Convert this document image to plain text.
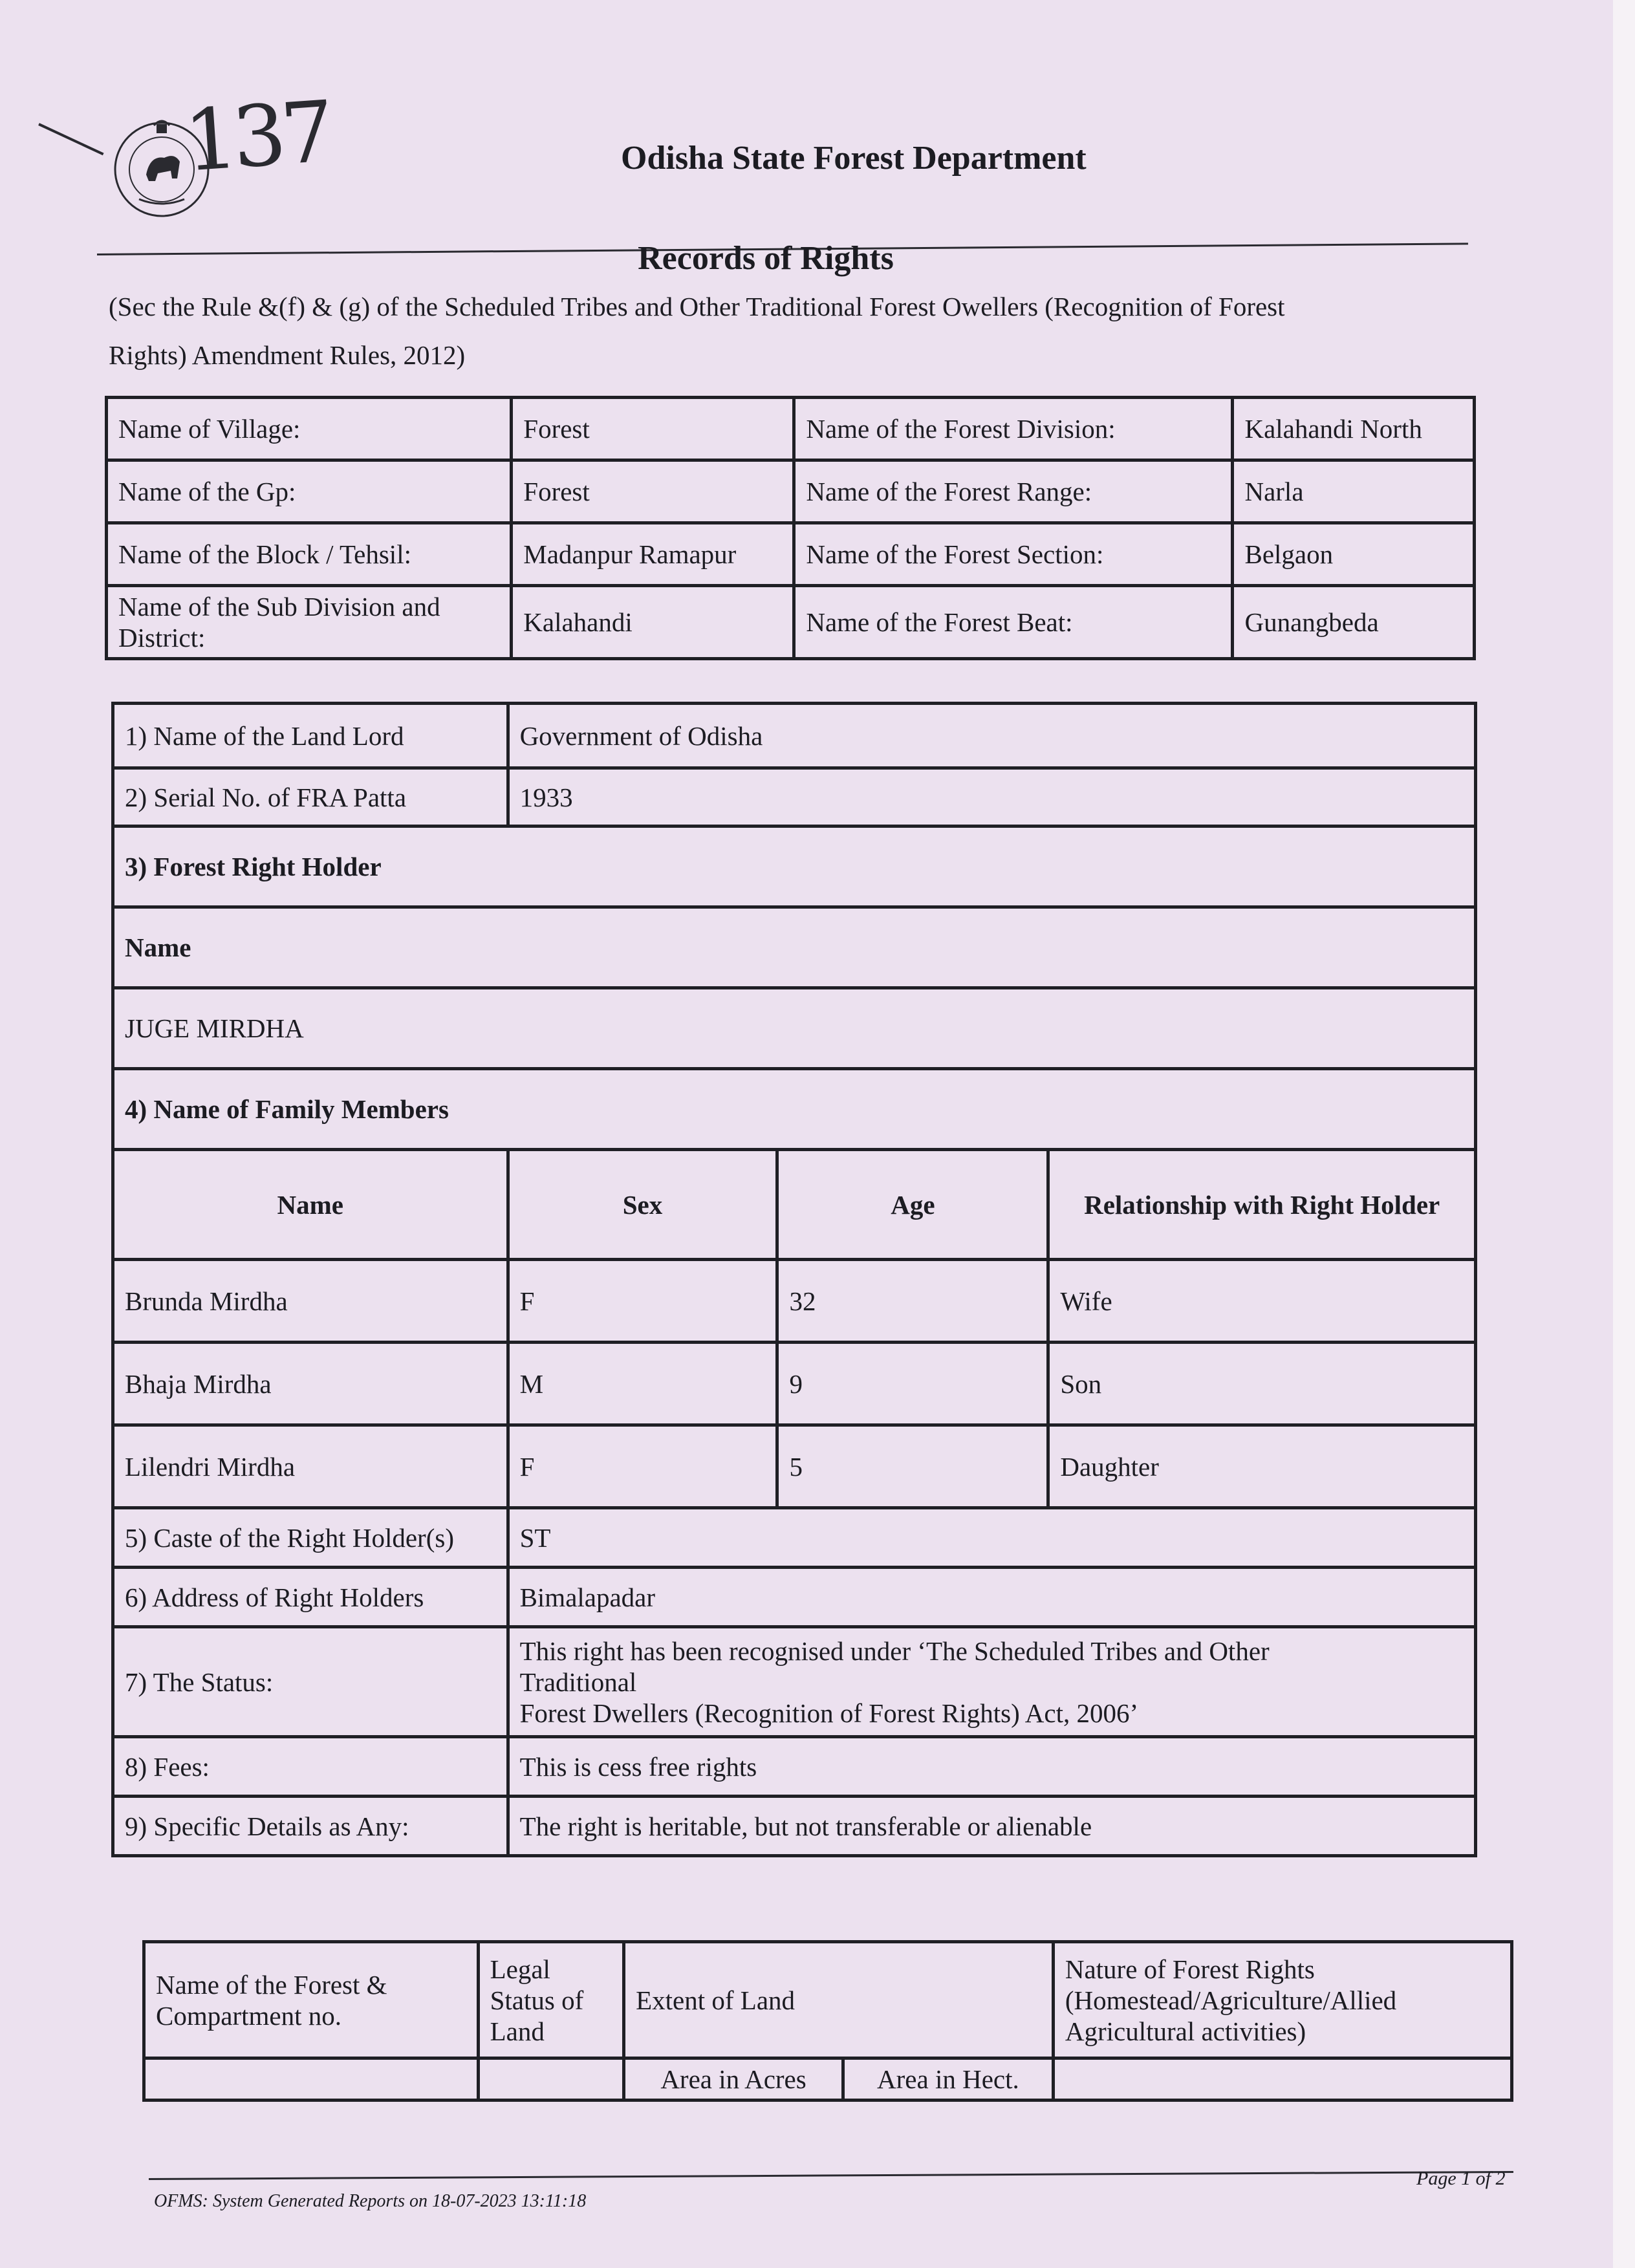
137	Odisha State Forest Department
Records of Rights
(Sec the Rule &(f) & (g) of the Scheduled Tribes and Other Traditional Forest Owellers (Recognition of Forest
Rights) Amendment Rules, 2012)
Name of Village:	Forest	Name of the Forest Division:	Kalahandi North
Name of the Gp:	Forest	Name of the Forest Range:	Narla
Name of the Block / Tehsil:	Madanpur Ramapur	Name of the Forest Section:	Belgaon
Name of the Sub Division and District:	Kalahandi	Name of the Forest Beat:	Gunangbeda
1) Name of the Land Lord	Government of Odisha		
2) Serial No. of FRA Patta	1933		
3) Forest Right Holder			
Name			
JUGE MIRDHA			
4) Name of Family Members			
Name	Sex	Age	Relationship with Right Holder
Brunda Mirdha	F	32	Wife
Bhaja Mirdha	M	9	Son
Lilendri Mirdha	F	5	Daughter
5) Caste of the Right Holder(s)	ST		
6) Address of Right Holders	Bimalapadar		
7) The Status:	This right has been recognised under ‘The Scheduled Tribes and Other
Traditional
Forest Dwellers (Recognition of Forest Rights) Act, 2006’		

8) Fees:	This is cess free rights		
9) Specific Details as Any:	The right is heritable, but not transferable or alienable		
Name of the Forest & Compartment no.	Legal Status of Land	Extent of Land		Nature of Forest Rights (Homestead/Agriculture/Allied Agricultural activities)
		Area in Acres	Area in Hect.	
OFMS: System Generated Reports on 18-07-2023 13:11:18
Page 1 of 2
